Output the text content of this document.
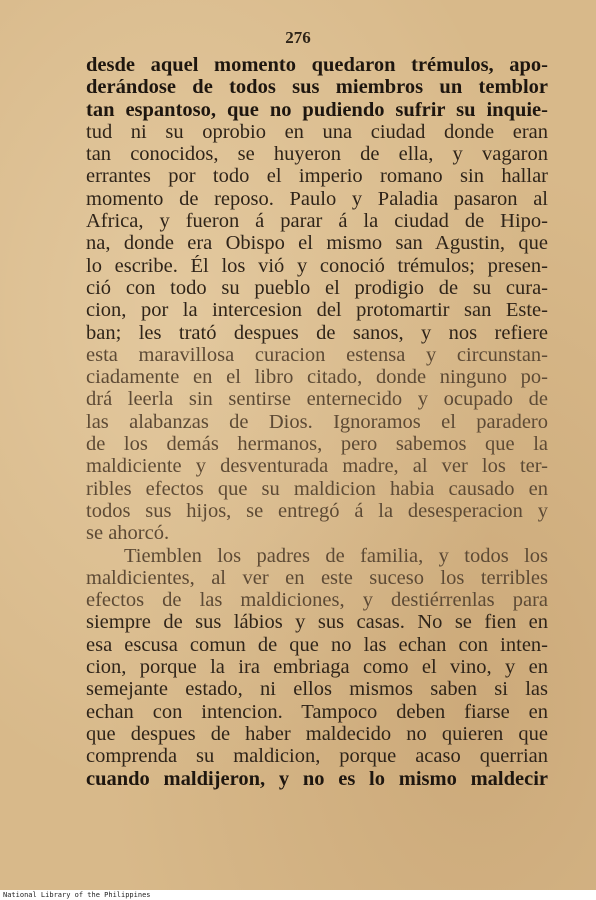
276
desde aquel momento quedaron trémulos, apo-
derándose de todos sus miembros un temblor
tan espantoso, que no pudiendo sufrir su inquie-
tud ni su oprobio en una ciudad donde eran
tan conocidos, se huyeron de ella, y vagaron
errantes por todo el imperio romano sin hallar
momento de reposo. Paulo y Paladia pasaron al
Africa, y fueron á parar á la ciudad de Hipo-
na, donde era Obispo el mismo san Agustin, que
lo escribe. Él los vió y conoció trémulos; presen-
ció con todo su pueblo el prodigio de su cura-
cion, por la intercesion del protomartir san Este-
ban; les trató despues de sanos, y nos refiere
esta maravillosa curacion estensa y circunstan-
ciadamente en el libro citado, donde ninguno po-
drá leerla sin sentirse enternecido y ocupado de
las alabanzas de Dios. Ignoramos el paradero
de los demás hermanos, pero sabemos que la
maldiciente y desventurada madre, al ver los ter-
ribles efectos que su maldicion habia causado en
todos sus hijos, se entregó á la desesperacion y
se ahorcó.
Tiemblen los padres de familia, y todos los
maldicientes, al ver en este suceso los terribles
efectos de las maldiciones, y destiérrenlas para
siempre de sus lábios y sus casas. No se fien en
esa escusa comun de que no las echan con inten-
cion, porque la ira embriaga como el vino, y en
semejante estado, ni ellos mismos saben si las
echan con intencion. Tampoco deben fiarse en
que despues de haber maldecido no quieren que
comprenda su maldicion, porque acaso querrian
cuando maldijeron, y no es lo mismo maldecir
National Library of the Philippines
